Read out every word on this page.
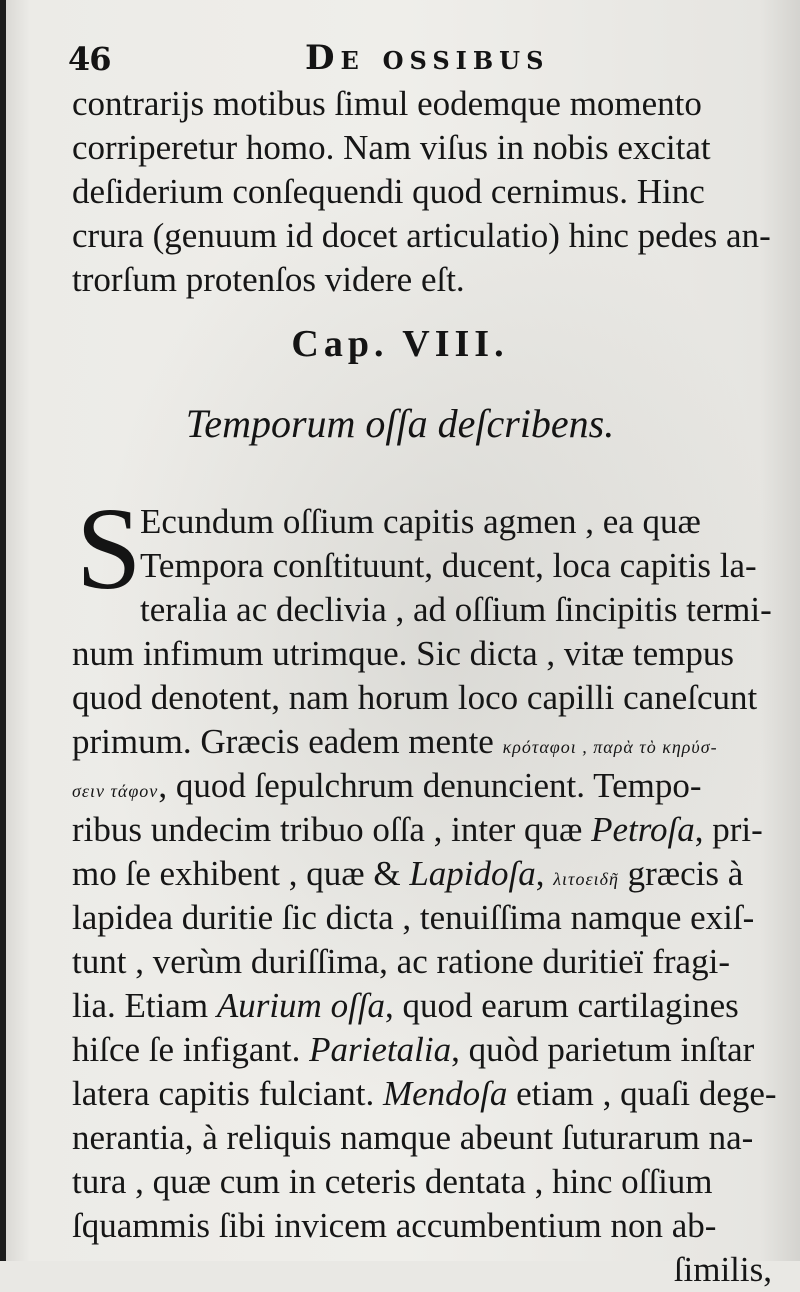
46	De ossibus
contrarijs motibus ſimul eodemque momento
corriperetur homo. Nam viſus in nobis excitat
deſiderium conſequendi quod cernimus. Hinc
crura (genuum id docet articulatio) hinc pedes an-
trorſum protenſos videre eſt.
Cap. VIII.
Temporum oſſa deſcribens.
S
Ecundum oſſium capitis agmen , ea quæ
Tempora conſtituunt, ducent, loca capitis la-
teralia ac declivia , ad oſſium ſincipitis termi-
num infimum utrimque. Sic dicta , vitæ tempus
quod denotent, nam horum loco capilli caneſcunt
primum. Græcis eadem mente κρόταφοι , παρὰ τὸ κηρύσ-
σειν τάφον, quod ſepulchrum denuncient. Tempo-
ribus undecim tribuo oſſa , inter quæ Petroſa, pri-
mo ſe exhibent , quæ & Lapidoſa, λιτοειδῆ græcis à
lapidea duritie ſic dicta , tenuiſſima namque exiſ-
tunt , verùm duriſſima, ac ratione duritieï fragi-
lia. Etiam Aurium oſſa, quod earum cartilagines
hiſce ſe infigant. Parietalia, quòd parietum inſtar
latera capitis fulciant. Mendoſa etiam , quaſi dege-
nerantia, à reliquis namque abeunt ſuturarum na-
tura , quæ cum in ceteris dentata , hinc oſſium
ſquammis ſibi invicem accumbentium non ab-
ſimilis,
